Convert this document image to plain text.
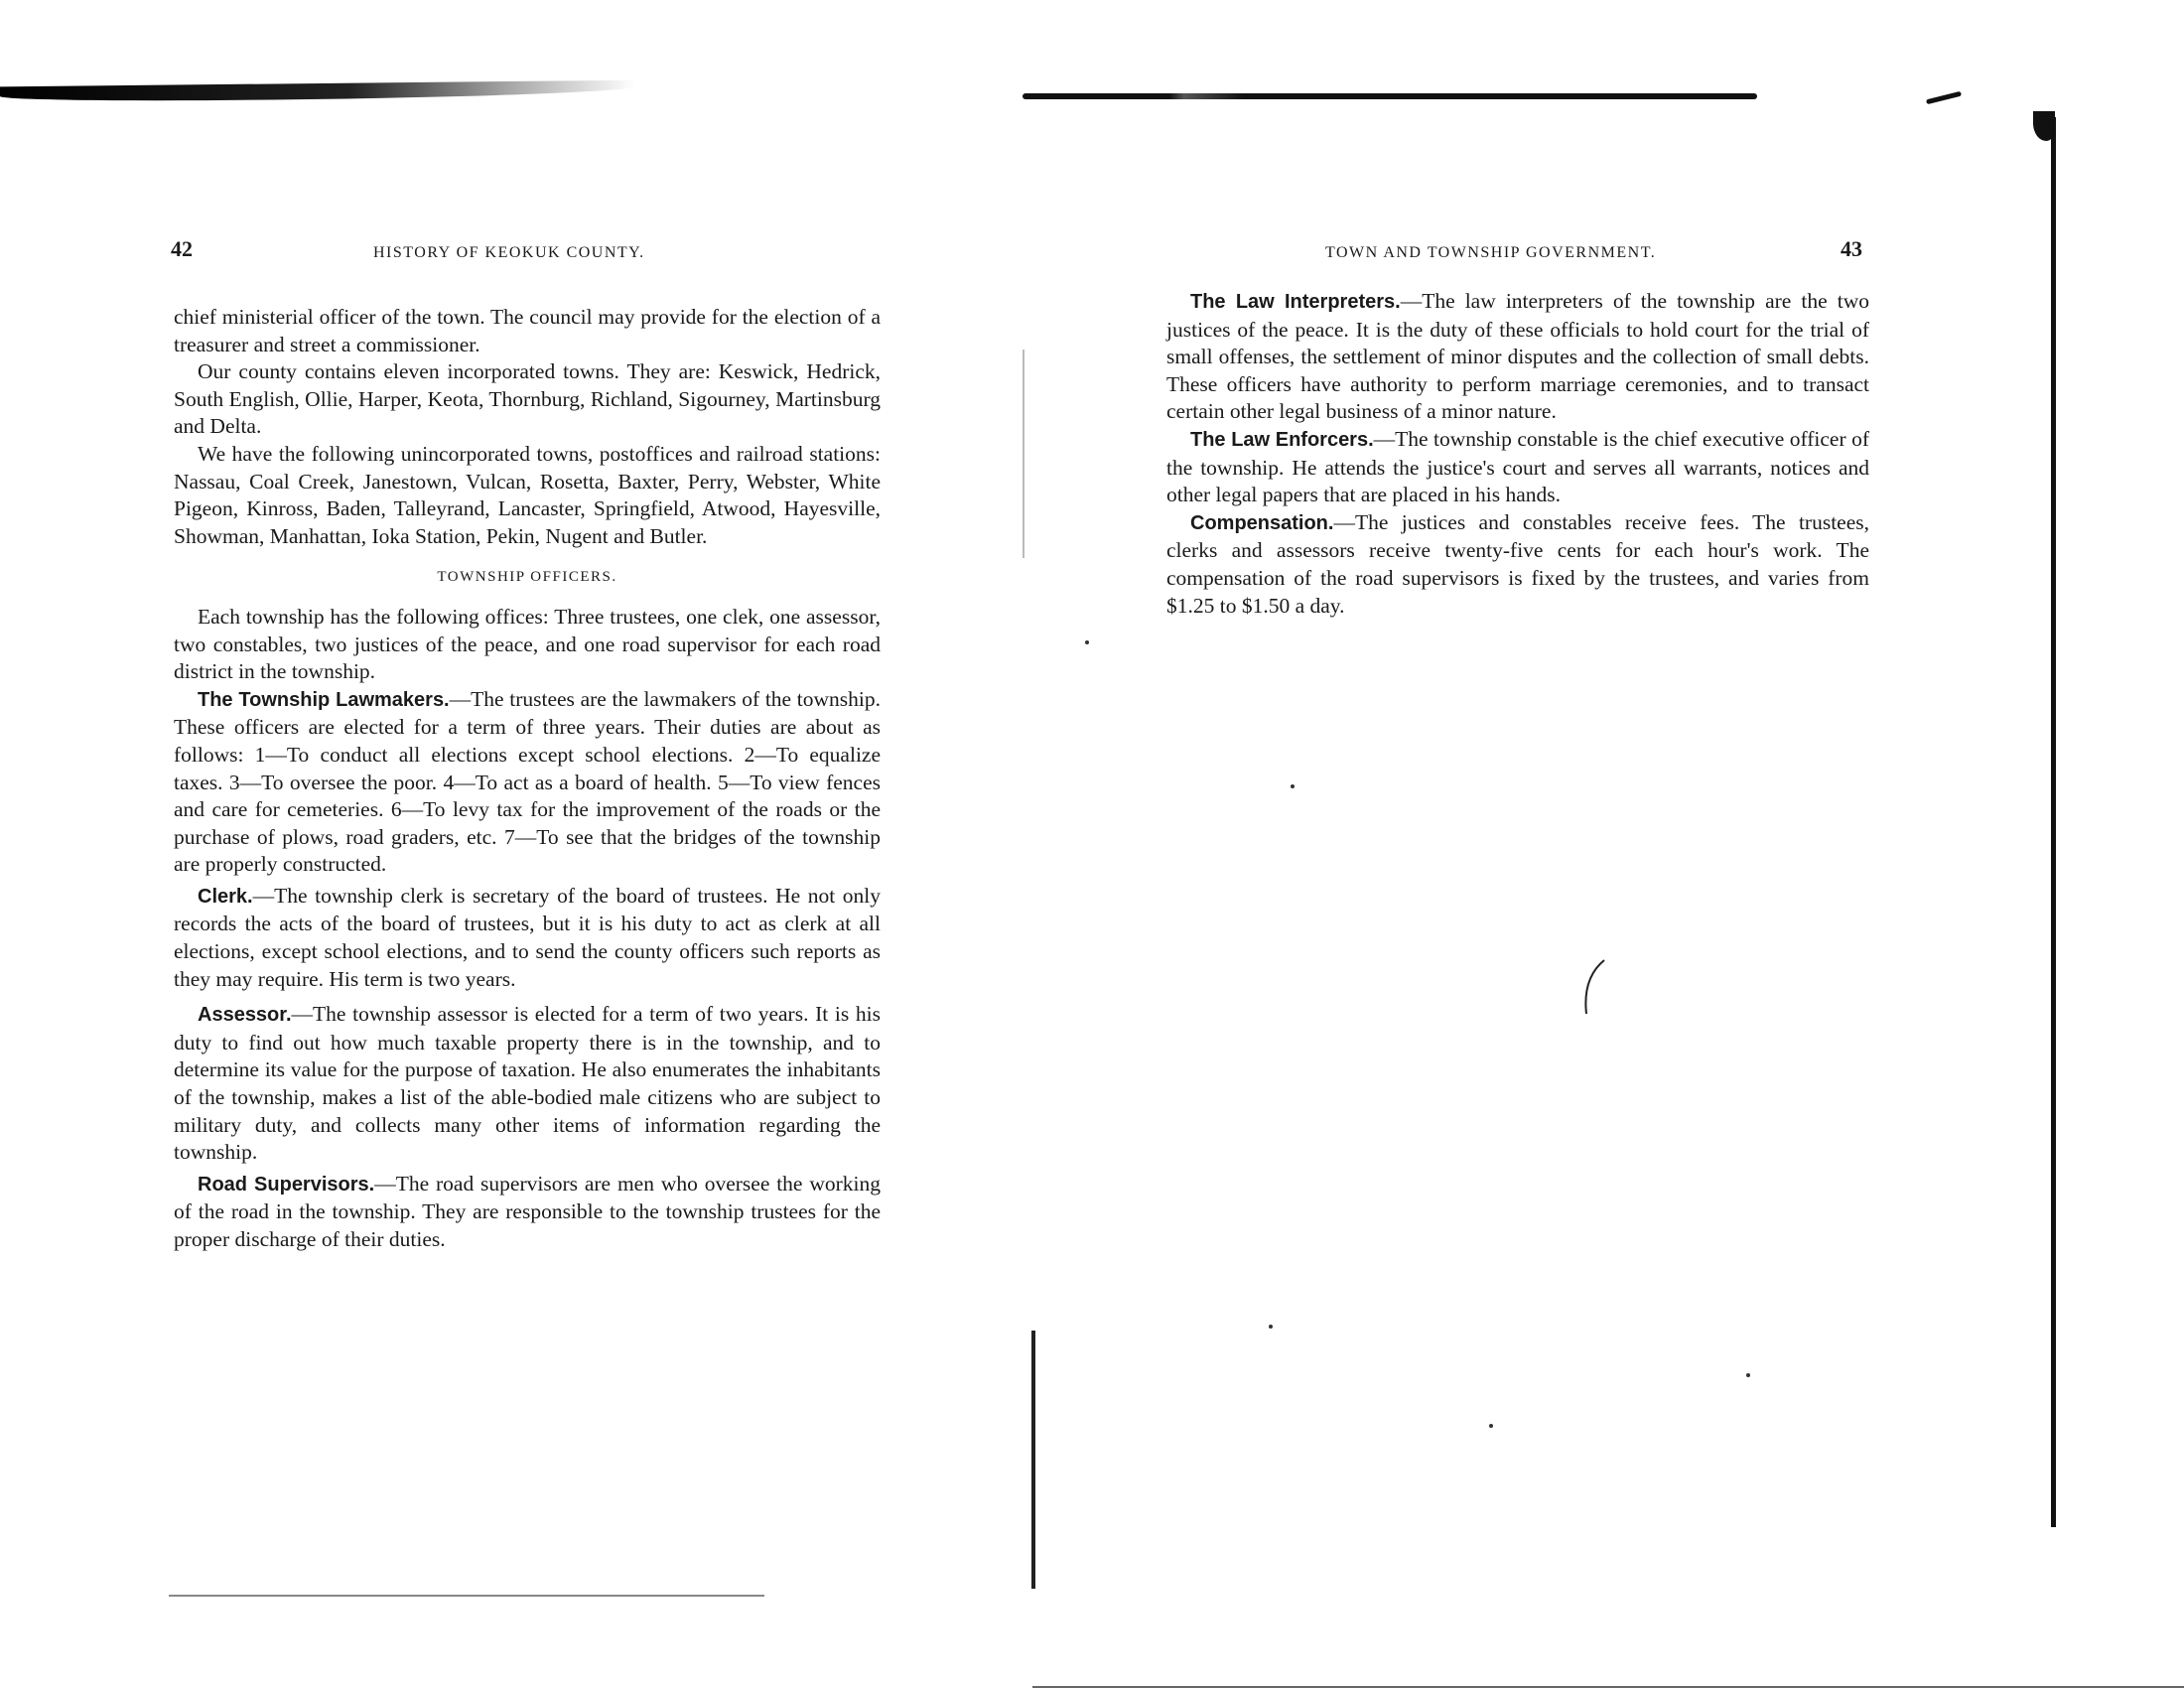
42	HISTORY OF KEOKUK COUNTY.

chief ministerial officer of the town. The council may provide for the election of a treasurer and street a commissioner.

Our county contains eleven incorporated towns. They are: Keswick, Hedrick, South English, Ollie, Harper, Keota, Thornburg, Richland, Sigourney, Martinsburg and Delta.

We have the following unincorporated towns, postoffices and railroad stations: Nassau, Coal Creek, Janestown, Vulcan, Rosetta, Baxter, Perry, Webster, White Pigeon, Kinross, Baden, Talleyrand, Lancaster, Springfield, Atwood, Hayesville, Showman, Manhattan, Ioka Station, Pekin, Nugent and Butler.

TOWNSHIP OFFICERS.

Each township has the following offices: Three trustees, one clek, one assessor, two constables, two justices of the peace, and one road supervisor for each road district in the township.

The Township Lawmakers.—The trustees are the lawmakers of the township. These officers are elected for a term of three years. Their duties are about as follows: 1—To conduct all elections except school elections. 2—To equalize taxes. 3—To oversee the poor. 4—To act as a board of health. 5—To view fences and care for cemeteries. 6—To levy tax for the improvement of the roads or the purchase of plows, road graders, etc. 7—To see that the bridges of the township are properly constructed.

Clerk.—The township clerk is secretary of the board of trustees. He not only records the acts of the board of trustees, but it is his duty to act as clerk at all elections, except school elections, and to send the county officers such reports as they may require. His term is two years.

Assessor.—The township assessor is elected for a term of two years. It is his duty to find out how much taxable property there is in the township, and to determine its value for the purpose of taxation. He also enumerates the inhabitants of the township, makes a list of the able-bodied male citizens who are subject to military duty, and collects many other items of information regarding the township.

Road Supervisors.—The road supervisors are men who oversee the working of the road in the township. They are responsible to the township trustees for the proper discharge of their duties.

TOWN AND TOWNSHIP GOVERNMENT.	43

The Law Interpreters.—The law interpreters of the township are the two justices of the peace. It is the duty of these officials to hold court for the trial of small offenses, the settlement of minor disputes and the collection of small debts. These officers have authority to perform marriage ceremonies, and to transact certain other legal business of a minor nature.

The Law Enforcers.—The township constable is the chief executive officer of the township. He attends the justice's court and serves all warrants, notices and other legal papers that are placed in his hands.

Compensation.—The justices and constables receive fees. The trustees, clerks and assessors receive twenty-five cents for each hour's work. The compensation of the road supervisors is fixed by the trustees, and varies from $1.25 to $1.50 a day.
